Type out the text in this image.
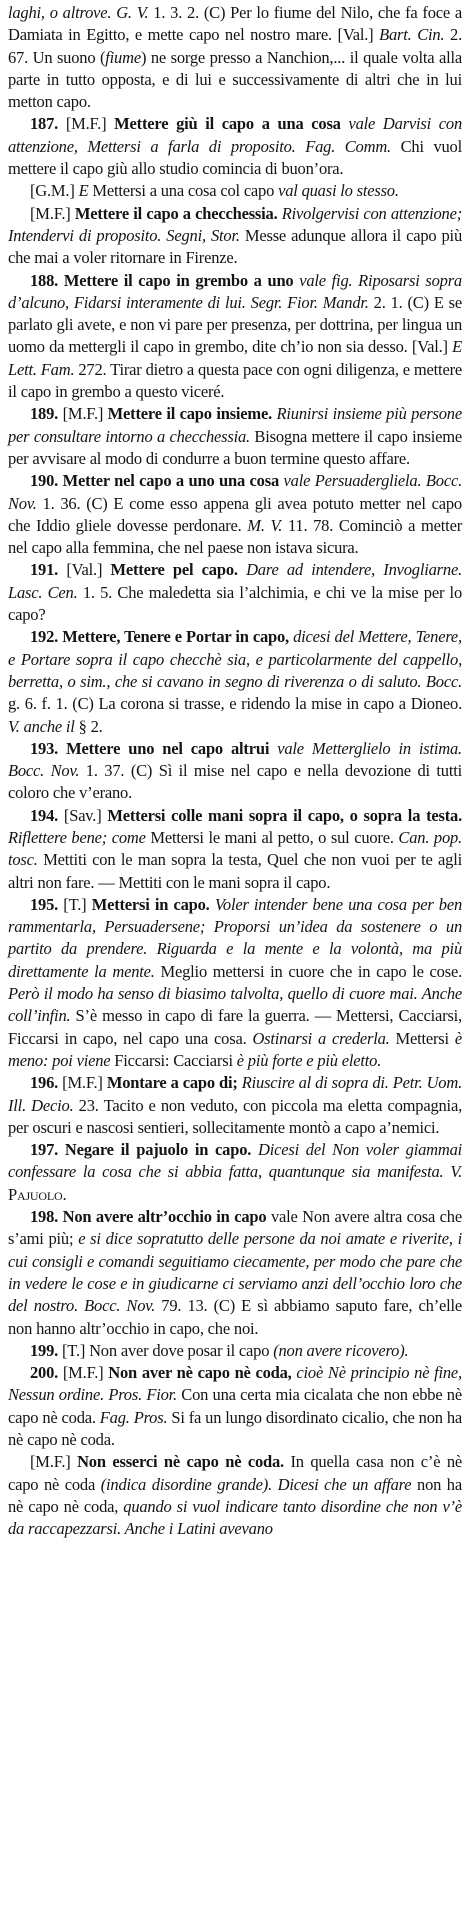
laghi, o altrove. G. V. 1. 3. 2. (C) Per lo fiume del Nilo, che fa foce a Damiata in Egitto, e mette capo nel nostro mare. [Val.] Bart. Cin. 2. 67. Un suono (fiume) ne sorge presso a Nanchion,... il quale volta alla parte in tutto opposta, e di lui e successivamente di altri che in lui metton capo.

187. [M.F.] Mettere giù il capo a una cosa vale Darvisi con attenzione, Mettersi a farla di proposito. Fag. Comm. Chi vuol mettere il capo giù allo studio comincia di buon’ora.

[G.M.] E Mettersi a una cosa col capo val quasi lo stesso.

[M.F.] Mettere il capo a checchessia. Rivolgervisi con attenzione; Intendervi di proposito. Segni, Stor. Messe adunque allora il capo più che mai a voler ritornare in Firenze.

188. Mettere il capo in grembo a uno vale fig. Riposarsi sopra d’alcuno, Fidarsi interamente di lui. Segr. Fior. Mandr. 2. 1. (C) E se parlato gli avete, e non vi pare per presenza, per dottrina, per lingua un uomo da mettergli il capo in grembo, dite ch’io non sia desso. [Val.] E Lett. Fam. 272. Tirar dietro a questa pace con ogni diligenza, e mettere il capo in grembo a questo viceré.

189. [M.F.] Mettere il capo insieme. Riunirsi insieme più persone per consultare intorno a checchessia. Bisogna mettere il capo insieme per avvisare al modo di condurre a buon termine questo affare.

190. Metter nel capo a uno una cosa vale Persuadergliela. Bocc. Nov. 1. 36. (C) E come esso appena gli avea potuto metter nel capo che Iddio gliele dovesse perdonare. M. V. 11. 78. Cominciò a metter nel capo alla femmina, che nel paese non istava sicura.

191. [Val.] Mettere pel capo. Dare ad intendere, Invogliarne. Lasc. Cen. 1. 5. Che maledetta sia l’alchimia, e chi ve la mise per lo capo?

192. Mettere, Tenere e Portar in capo, dicesi del Mettere, Tenere, e Portare sopra il capo checchè sia, e particolarmente del cappello, berretta, o sim., che si cavano in segno di riverenza o di saluto. Bocc. g. 6. f. 1. (C) La corona si trasse, e ridendo la mise in capo a Dioneo. V. anche il § 2.

193. Mettere uno nel capo altrui vale Metterglielo in istima. Bocc. Nov. 1. 37. (C) Sì il mise nel capo e nella devozione di tutti coloro che v’erano.

194. [Sav.] Mettersi colle mani sopra il capo, o sopra la testa. Riflettere bene; come Mettersi le mani al petto, o sul cuore. Can. pop. tosc. Mettiti con le man sopra la testa, Quel che non vuoi per te agli altri non fare. — Mettiti con le mani sopra il capo.

195. [T.] Mettersi in capo. Voler intender bene una cosa per ben rammentarla, Persuadersene; Proporsi un’idea da sostenere o un partito da prendere. Riguarda e la mente e la volontà, ma più direttamente la mente. Meglio mettersi in cuore che in capo le cose. Però il modo ha senso di biasimo talvolta, quello di cuore mai. Anche coll’infin. S’è messo in capo di fare la guerra. — Mettersi, Cacciarsi, Ficcarsi in capo, nel capo una cosa. Ostinarsi a crederla. Mettersi è meno: poi viene Ficcarsi: Cacciarsi è più forte e più eletto.

196. [M.F.] Montare a capo di; Riuscire al di sopra di. Petr. Uom. Ill. Decio. 23. Tacito e non veduto, con piccola ma eletta compagnia, per oscuri e nascosi sentieri, sollecitamente montò a capo a’nemici.

197. Negare il pajuolo in capo. Dicesi del Non voler giammai confessare la cosa che si abbia fatta, quantunque sia manifesta. V. Pajuolo.

198. Non avere altr’occhio in capo vale Non avere altra cosa che s’ami più; e si dice sopratutto delle persone da noi amate e riverite, i cui consigli e comandi seguitiamo ciecamente, per modo che pare che in vedere le cose e in giudicarne ci serviamo anzi dell’occhio loro che del nostro. Bocc. Nov. 79. 13. (C) E sì abbiamo saputo fare, ch’elle non hanno altr’occhio in capo, che noi.

199. [T.] Non aver dove posar il capo (non avere ricovero).

200. [M.F.] Non aver nè capo nè coda, cioè Nè principio nè fine, Nessun ordine. Pros. Fior. Con una certa mia cicalata che non ebbe nè capo nè coda. Fag. Pros. Si fa un lungo disordinato cicalio, che non ha nè capo nè coda.

[M.F.] Non esserci nè capo nè coda. In quella casa non c’è nè capo nè coda (indica disordine grande). Dicesi che un affare non ha nè capo nè coda, quando si vuol indicare tanto disordine che non v’è da raccapezzarsi. Anche i Latini avevano
